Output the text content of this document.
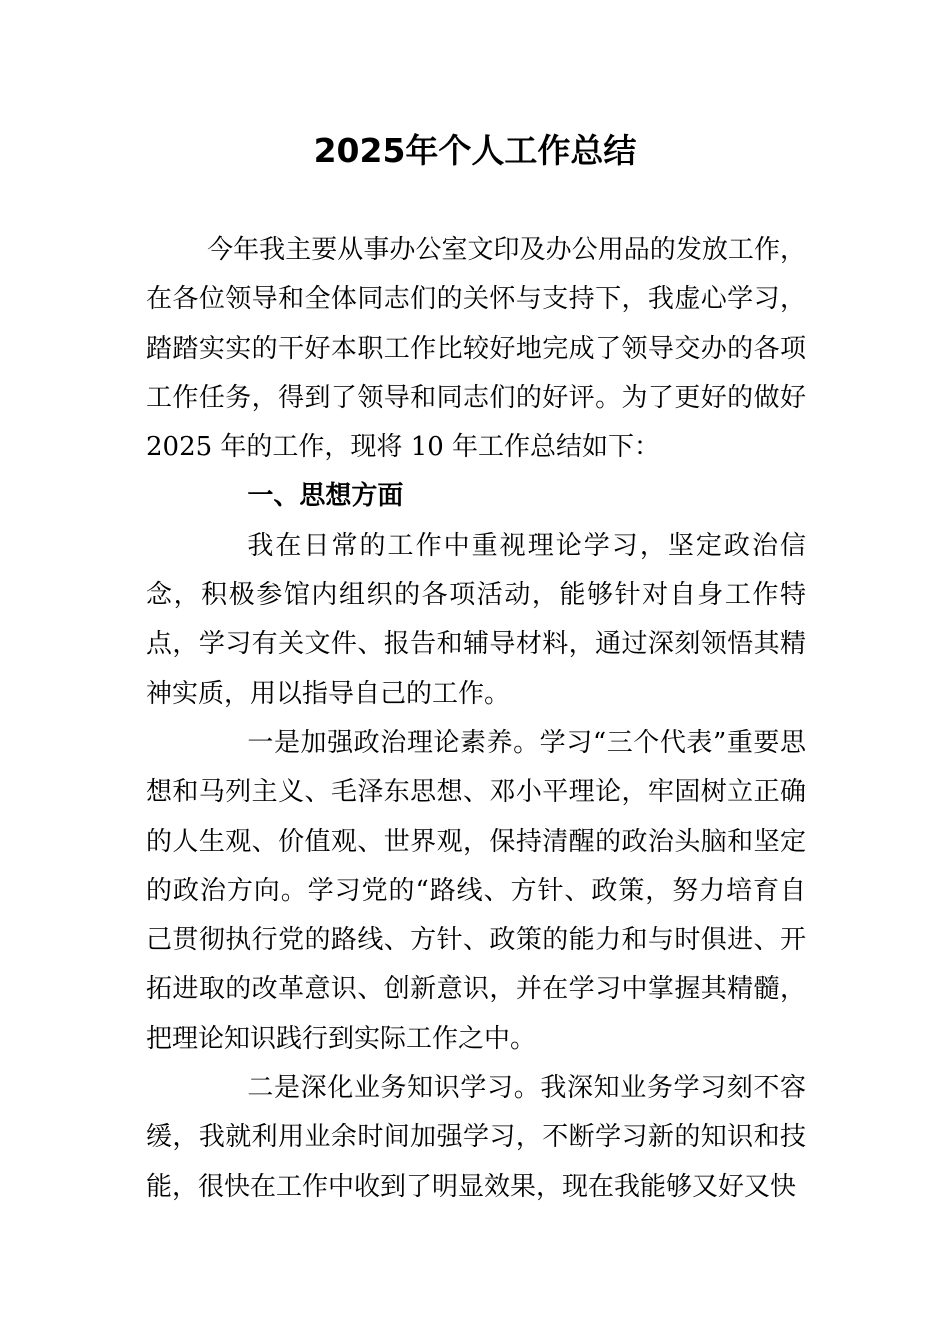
2025年个人工作总结

今年我主要从事办公室文印及办公用品的发放工作，在各位领导和全体同志们的关怀与支持下，我虚心学习，踏踏实实的干好本职工作比较好地完成了领导交办的各项工作任务，得到了领导和同志们的好评。为了更好的做好 2025 年的工作，现将 10 年工作总结如下：

一、思想方面

我在日常的工作中重视理论学习，坚定政治信念，积极参馆内组织的各项活动，能够针对自身工作特点，学习有关文件、报告和辅导材料，通过深刻领悟其精神实质，用以指导自己的工作。

一是加强政治理论素养。学习“三个代表”重要思想和马列主义、毛泽东思想、邓小平理论，牢固树立正确的人生观、价值观、世界观，保持清醒的政治头脑和坚定的政治方向。学习党的“路线、方针、政策，努力培育自己贯彻执行党的路线、方针、政策的能力和与时俱进、开拓进取的改革意识、创新意识，并在学习中掌握其精髓，把理论知识践行到实际工作之中。

二是深化业务知识学习。我深知业务学习刻不容缓，我就利用业余时间加强学习，不断学习新的知识和技能，很快在工作中收到了明显效果，现在我能够又好又快
